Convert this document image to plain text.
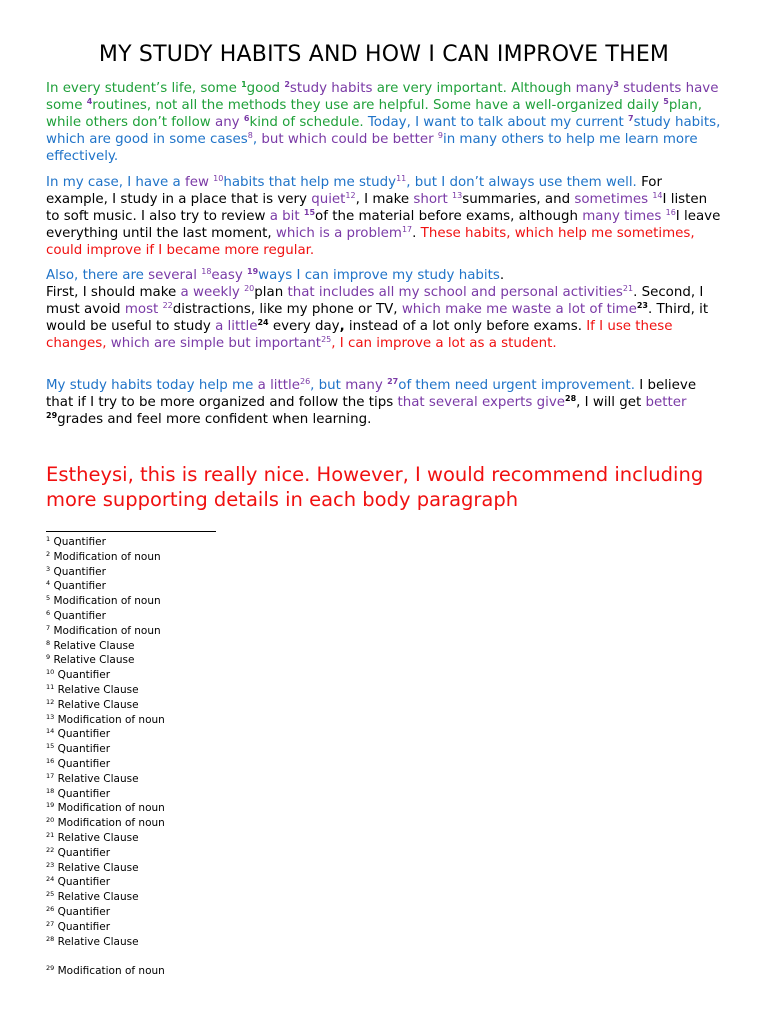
MY STUDY HABITS AND HOW I CAN IMPROVE THEM
In every student’s life, some $^1$good $^2$study habits are very important. Although many$^3$ students have some $^4$routines, not all the methods they use are helpful. Some have a well-organized daily $^5$plan, while others don’t follow any $^6$kind of schedule. Today, I want to talk about my current $^7$study habits, which are good in some cases$^8$, but which could be better $^9$in many others to help me learn more effectively.
In my case, I have a few $^{10}$habits that help me study$^{11}$, but I don’t always use them well. For example, I study in a place that is very quiet$^{12}$, I make short $^{13}$summaries, and sometimes $^{14}$I listen to soft music. I also try to review a bit $^{15}$of the material before exams, although many times $^{16}$I leave everything until the last moment, which is a problem$^{17}$. These habits, which help me sometimes, could improve if I became more regular.
Also, there are several $^{18}$easy $^{19}$ways I can improve my study habits.
First, I should make a weekly $^{20}$plan that includes all my school and personal activities$^{21}$. Second, I must avoid most $^{22}$distractions, like my phone or TV, which make me waste a lot of time$^{23}$. Third, it would be useful to study a little$^{24}$ every day, instead of a lot only before exams. If I use these changes, which are simple but important$^{25}$, I can improve a lot as a student.
My study habits today help me a little$^{26}$, but many $^{27}$of them need urgent improvement. I believe that if I try to be more organized and follow the tips that several experts give$^{28}$, I will get better $^{29}$grades and feel more confident when learning.
Estheysi, this is really nice. However, I would recommend including more supporting details in each body paragraph
$^1$ Quantifier
$^2$ Modification of noun
$^3$ Quantifier
$^4$ Quantifier
$^5$ Modification of noun
$^6$ Quantifier
$^7$ Modification of noun
$^8$ Relative Clause
$^9$ Relative Clause
$^{10}$ Quantifier
$^{11}$ Relative Clause
$^{12}$ Relative Clause
$^{13}$ Modification of noun
$^{14}$ Quantifier
$^{15}$ Quantifier
$^{16}$ Quantifier
$^{17}$ Relative Clause
$^{18}$ Quantifier
$^{19}$ Modification of noun
$^{20}$ Modification of noun
$^{21}$ Relative Clause
$^{22}$ Quantifier
$^{23}$ Relative Clause
$^{24}$ Quantifier
$^{25}$ Relative Clause
$^{26}$ Quantifier
$^{27}$ Quantifier
$^{28}$ Relative Clause
$^{29}$ Modification of noun
